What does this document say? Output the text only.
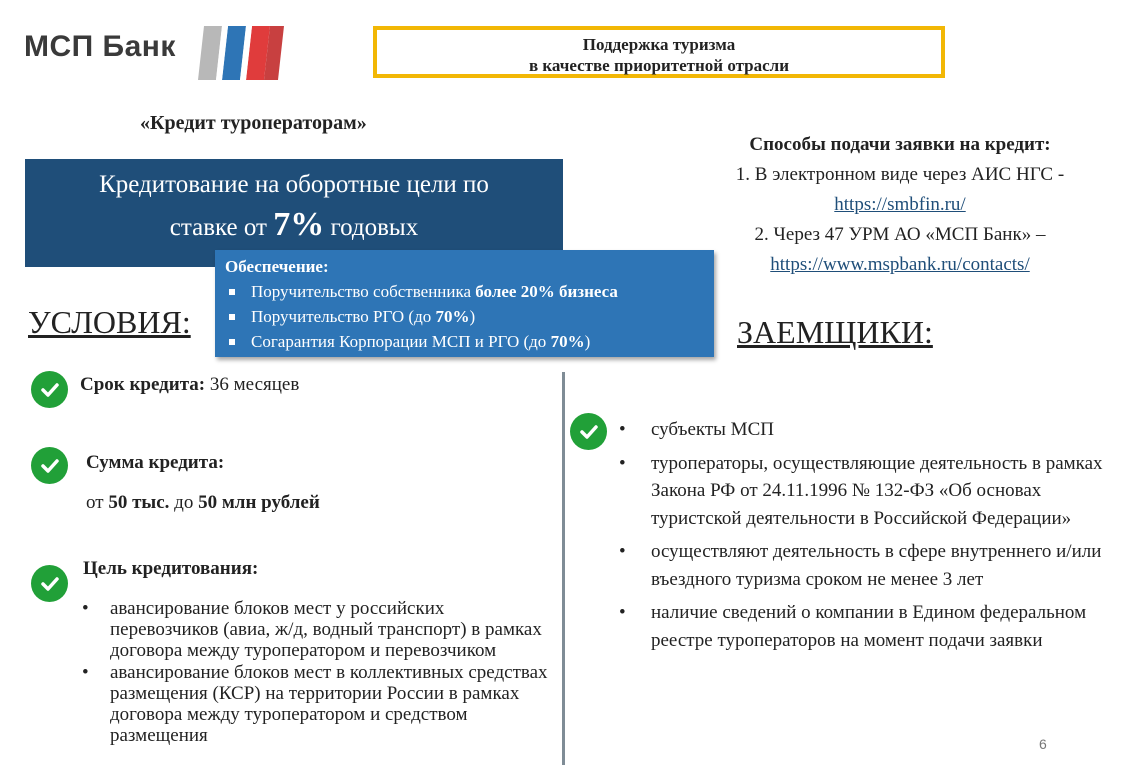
МСП Банк	Поддержка туризма
в качестве приоритетной отрасли
«Кредит туроператорам»
Кредитование на оборотные цели по
ставке от 7% годовых
Обеспечение:
Поручительство собственника более 20% бизнеса
Поручительство РГО (до 70%)
Согарантия Корпорации МСП и РГО (до 70%)
УСЛОВИЯ:	ЗАЕМЩИКИ:
Способы подачи заявки на кредит:
1. В электронном виде через АИС НГС -
https://smbfin.ru/
2. Через 47 УРМ АО «МСП Банк» –
https://www.mspbank.ru/contacts/
Срок кредита: 36 месяцев
Сумма кредита:
от 50 тыс. до 50 млн рублей
Цель кредитования:
• авансирование блоков мест у российских перевозчиков (авиа, ж/д, водный транспорт) в рамках договора между туроператором и перевозчиком
• авансирование блоков мест в коллективных средствах размещения (КСР) на территории России в рамках договора между туроператором и средством размещения
• субъекты МСП
• туроператоры, осуществляющие деятельность в рамках Закона РФ от 24.11.1996 № 132-ФЗ «Об основах туристской деятельности в Российской Федерации»
• осуществляют деятельность в сфере внутреннего и/или въездного туризма сроком не менее 3 лет
• наличие сведений о компании в Едином федеральном реестре туроператоров на момент подачи заявки
6
